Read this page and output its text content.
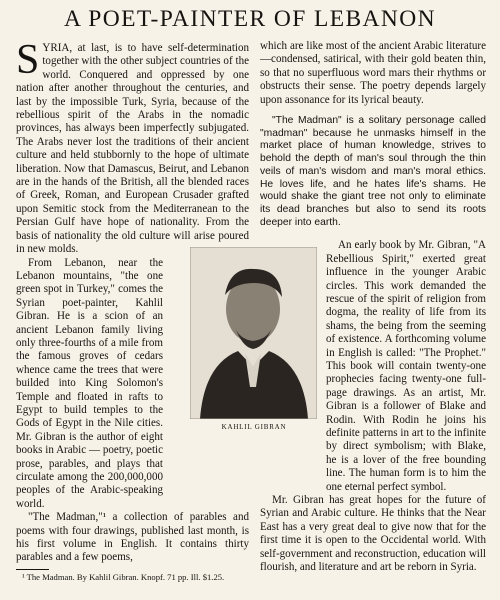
A POET-PAINTER OF LEBANON

SYRIA, at last, is to have self-determination together with the other subject countries of the world. Conquered and oppressed by one nation after another throughout the centuries, and last by the impossible Turk, Syria, because of the rebellious spirit of the Arabs in the nomadic provinces, has always been imperfectly subjugated. The Arabs never lost the traditions of their ancient culture and held stubbornly to the hope of ultimate liberation. Now that Damascus, Beirut, and Lebanon are in the hands of the British, all the blended races of Greek, Roman, and European Crusader grafted upon Semitic stock from the Mediterranean to the Persian Gulf have hope of nationality. From the basis of nationality the old culture will arise poured in new molds.

From Lebanon, near the Lebanon mountains, "the one green spot in Turkey," comes the Syrian poet-painter, Kahlil Gibran. He is a scion of an ancient Lebanon family living only three-fourths of a mile from the famous groves of cedars whence came the trees that were builded into King Solomon's Temple and floated in rafts to Egypt to build temples to the Gods of Egypt in the Nile cities. Mr. Gibran is the author of eight books in Arabic — poetry, poetic prose, parables, and plays that circulate among the 200,000,000 peoples of the Arabic-speaking world.

"The Madman,"¹ a collection of parables and poems with four drawings, published last month, is his first volume in English. It contains thirty parables and a few poems,

which are like most of the ancient Arabic literature—condensed, satirical, with their gold beaten thin, so that no superfluous word mars their rhythms or obstructs their sense. The poetry depends largely upon assonance for its lyrical beauty.

"The Madman" is a solitary personage called "madman" because he unmasks himself in the market place of human knowledge, strives to behold the depth of man's soul through the thin veils of man's wisdom and man's moral ethics. He loves life, and he hates life's shams. He would shake the giant tree not only to eliminate its dead branches but also to send its roots deeper into earth.

An early book by Mr. Gibran, "A Rebellious Spirit," exerted great influence in the younger Arabic circles. This work demanded the rescue of the spirit of religion from dogma, the reality of life from its shams, the being from the seeming of existence. A forthcoming volume in English is called: "The Prophet." This book will contain twenty-one prophecies facing twenty-one full-page drawings. As an artist, Mr. Gibran is a follower of Blake and Rodin. With Rodin he joins his definite patterns in art to the infinite by direct symbolism; with Blake, he is a lover of the free bounding line. The human form is to him the one eternal perfect symbol.

Mr. Gibran has great hopes for the future of Syrian and Arabic culture. He thinks that the Near East has a very great deal to give now that for the first time it is open to the Occidental world. With self-government and reconstruction, education will flourish, and literature and art be reborn in Syria.

KAHLIL GIBRAN

¹ The Madman. By Kahlil Gibran. Knopf. 71 pp. Ill. $1.25.
